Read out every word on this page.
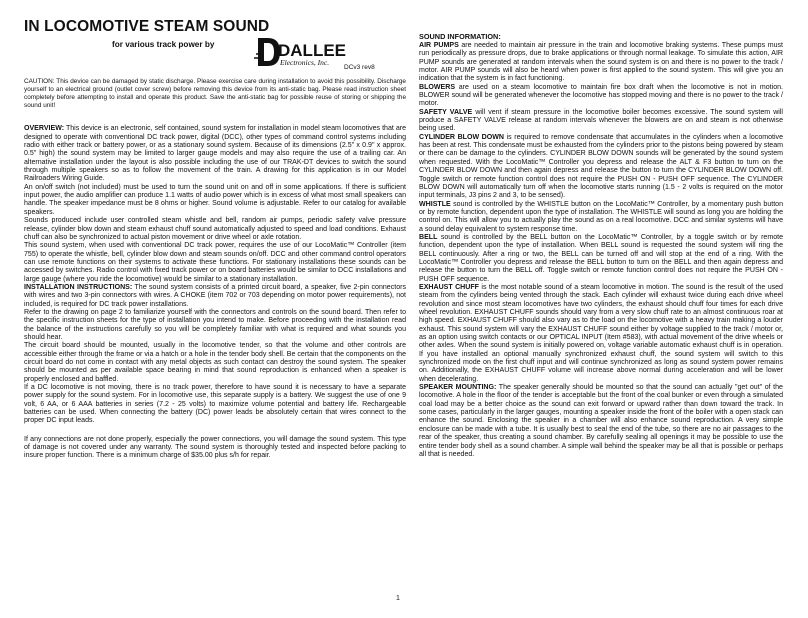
IN LOCOMOTIVE STEAM SOUND
for various track power by	DALLEE
Electronics, Inc.
DCv3 rev8

CAUTION: This device can be damaged by static discharge. Please exercise care during installation to avoid this possibility. Discharge yourself to an electrical ground (outlet cover screw) before removing this device from its anti-static bag. Please read instruction sheet completely before attempting to install and operate this product. Save the anti-static bag for possible reuse of storing or shipping the sound unit!

OVERVIEW: This device is an electronic, self contained, sound system for installation in model steam locomotives that are designed to operate with conventional DC track power, digital (DCC), other types of command control systems including radio with either track or battery power, or as a stationary sound system. Because of its dimensions (2.5" x 0.9" x approx. 0.5" high) the sound system may be limited to larger gauge models and may also require the use of a trailing car. An alternative installation under the layout is also possible including the use of our TRAK-DT devices to switch the sound through multiple speakers so as to follow the movement of the train. A drawing for this application is in our Model Railroaders Wiring Guide.

An on/off switch (not included) must be used to turn the sound unit on and off in some applications. If there is sufficient input power, the audio amplifier can produce 1.1 watts of audio power which is in excess of what most small speakers can handle. The speaker impedance must be 8 ohms or higher. Sound volume is adjustable. Refer to our catalog for available speakers.

Sounds produced include user controlled steam whistle and bell, random air pumps, periodic safety valve pressure release, cylinder blow down and steam exhaust chuff sound automatically adjusted to speed and load conditions. Exhaust chuff can also be synchronized to actual piston movement or drive wheel or axle rotation.

This sound system, when used with conventional DC track power, requires the use of our LocoMatic™ Controller (item 755) to operate the whistle, bell, cylinder blow down and steam sounds on/off. DCC and other command control operators can use remote functions on their systems to activate these functions. For stationary installations these sounds can be accessed by switches. Radio control with fixed track power or on board batteries would be similar to DCC installations and large gauge (where you ride the locomotive) would be similar to a stationary installation.

INSTALLATION INSTRUCTIONS: The sound system consists of a printed circuit board, a speaker, five 2-pin connectors with wires and two 3-pin connectors with wires. A CHOKE (item 702 or 703 depending on motor power requirements), not included, is required for DC track power installations.

Refer to the drawing on page 2 to familiarize yourself with the connectors and controls on the sound board. Then refer to the specific instruction sheets for the type of installation you intend to make. Before proceeding with the installation read the balance of the instructions carefully so you will be completely familiar with what is required and what sounds you should hear.

The circuit board should be mounted, usually in the locomotive tender, so that the volume and other controls are accessible either through the frame or via a hatch or a hole in the tender body shell. Be certain that the components on the circuit board do not come in contact with any metal objects as such contact can destroy the sound system. The speaker should be mounted as per available space bearing in mind that sound reproduction is enhanced when a speaker is properly enclosed and baffled.

If a DC locomotive is not moving, there is no track power, therefore to have sound it is necessary to have a separate power supply for the sound system. For in locomotive use, this separate supply is a battery. We suggest the use of one 9 volt, 6 AA, or 6 AAA batteries in series (7.2 - 25 volts) to maximize volume potential and battery life. Rechargeable batteries can be used. When connecting the battery (DC) power leads be absolutely certain that wires connect to the proper DC input leads.

If any connections are not done properly, especially the power connections, you will damage the sound system. This type of damage is not covered under any warranty. The sound system is thoroughly tested and inspected before packing to insure proper function. There is a minimum charge of $35.00 plus s/h for repair.

SOUND INFORMATION:

AIR PUMPS are needed to maintain air pressure in the train and locomotive braking systems. These pumps must run periodically as pressure drops, due to brake applications or through normal leakage. To simulate this action, AIR PUMP sounds are generated at random intervals when the sound system is on and there is no power to the track / motor. AIR PUMP sounds will also be heard when power is first applied to the sound system. This will give you an indication that the system is in fact functioning.

BLOWERS are used on a steam locomotive to maintain fire box draft when the locomotive is not in motion. BLOWER sound will be generated whenever the locomotive has stopped moving and there is no power to the track / motor.

SAFETY VALVE will vent if steam pressure in the locomotive boiler becomes excessive. The sound system will produce a SAFETY VALVE release at random intervals whenever the blowers are on and steam is not otherwise being used.

CYLINDER BLOW DOWN is required to remove condensate that accumulates in the cylinders when a locomotive has been at rest. This condensate must be exhausted from the cylinders prior to the pistons being powered by steam or there can be damage to the cylinders. CYLINDER BLOW DOWN sounds will be generated by the sound system when requested. With the LocoMatic™ Controller you depress and release the ALT & F3 button to turn on the CYLINDER BLOW DOWN and then again depress and release the button to turn the CYLINDER BLOW DOWN off. Toggle switch or remote function control does not require the PUSH ON - PUSH OFF sequence. The CYLINDER BLOW DOWN will automatically turn off when the locomotive starts running (1.5 - 2 volts is required on the motor input terminals, J3 pins 2 and 3, to be sensed).

WHISTLE sound is controlled by the WHISTLE button on the LocoMatic™ Controller, by a momentary push button or by remote function, dependent upon the type of installation. The WHISTLE will sound as long you are holding the control on. This will allow you to actually play the sound as on a real locomotive. DCC and similar systems will have a sound delay equivalent to system response time.

BELL sound is controlled by the BELL button on the LocoMatic™ Controller, by a toggle switch or by remote function, dependent upon the type of installation. When BELL sound is requested the sound system will ring the BELL continuously. After a ring or two, the BELL can be turned off and will stop at the end of a ring. With the LocoMatic™ Controller you depress and release the BELL button to turn on the BELL and then again depress and release the button to turn the BELL off. Toggle switch or remote function control does not require the PUSH ON - PUSH OFF sequence.

EXHAUST CHUFF is the most notable sound of a steam locomotive in motion. The sound is the result of the used steam from the cylinders being vented through the stack. Each cylinder will exhaust twice during each drive wheel revolution and since most steam locomotives have two cylinders, the exhaust should chuff four times for each drive wheel revolution. EXHAUST CHUFF sounds should vary from a very slow chuff rate to an almost continuous roar at high speed. EXHAUST CHUFF should also vary as to the load on the locomotive with a heavy train making a louder exhaust. This sound system will vary the EXHAUST CHUFF sound either by voltage supplied to the track / motor or, as an option using switch contacts or our OPTICAL INPUT (Item #583), with actual movement of the drive wheels or other axles. When the sound system is initially powered on, voltage variable automatic exhaust chuff is in operation. If you have installed an optional manually synchronized exhaust chuff, the sound system will switch to this synchronized mode on the first chuff input and will continue synchronized as long as sound system power remains on. Additionally, the EXHAUST CHUFF volume will increase above normal during acceleration and will be lower when decelerating.

SPEAKER MOUNTING: The speaker generally should be mounted so that the sound can actually "get out" of the locomotive. A hole in the floor of the tender is acceptable but the front of the coal bunker or even through a simulated coal load may be a better choice as the sound can exit forward or upward rather than down toward the track. In some cases, particularly in the larger gauges, mounting a speaker inside the front of the boiler with a open stack can enhance the sound. Enclosing the speaker in a chamber will also enhance sound reproduction. A very simple enclosure can be made with a tube. It is usually best to seal the end of the tube, so there are no air passages to the rear of the speaker, thus creating a sound chamber. By carefully sealing all openings it may be possible to use the entire tender body shell as a sound chamber. A simple wall behind the speaker may be all that is possible or perhaps all that is needed.

1
